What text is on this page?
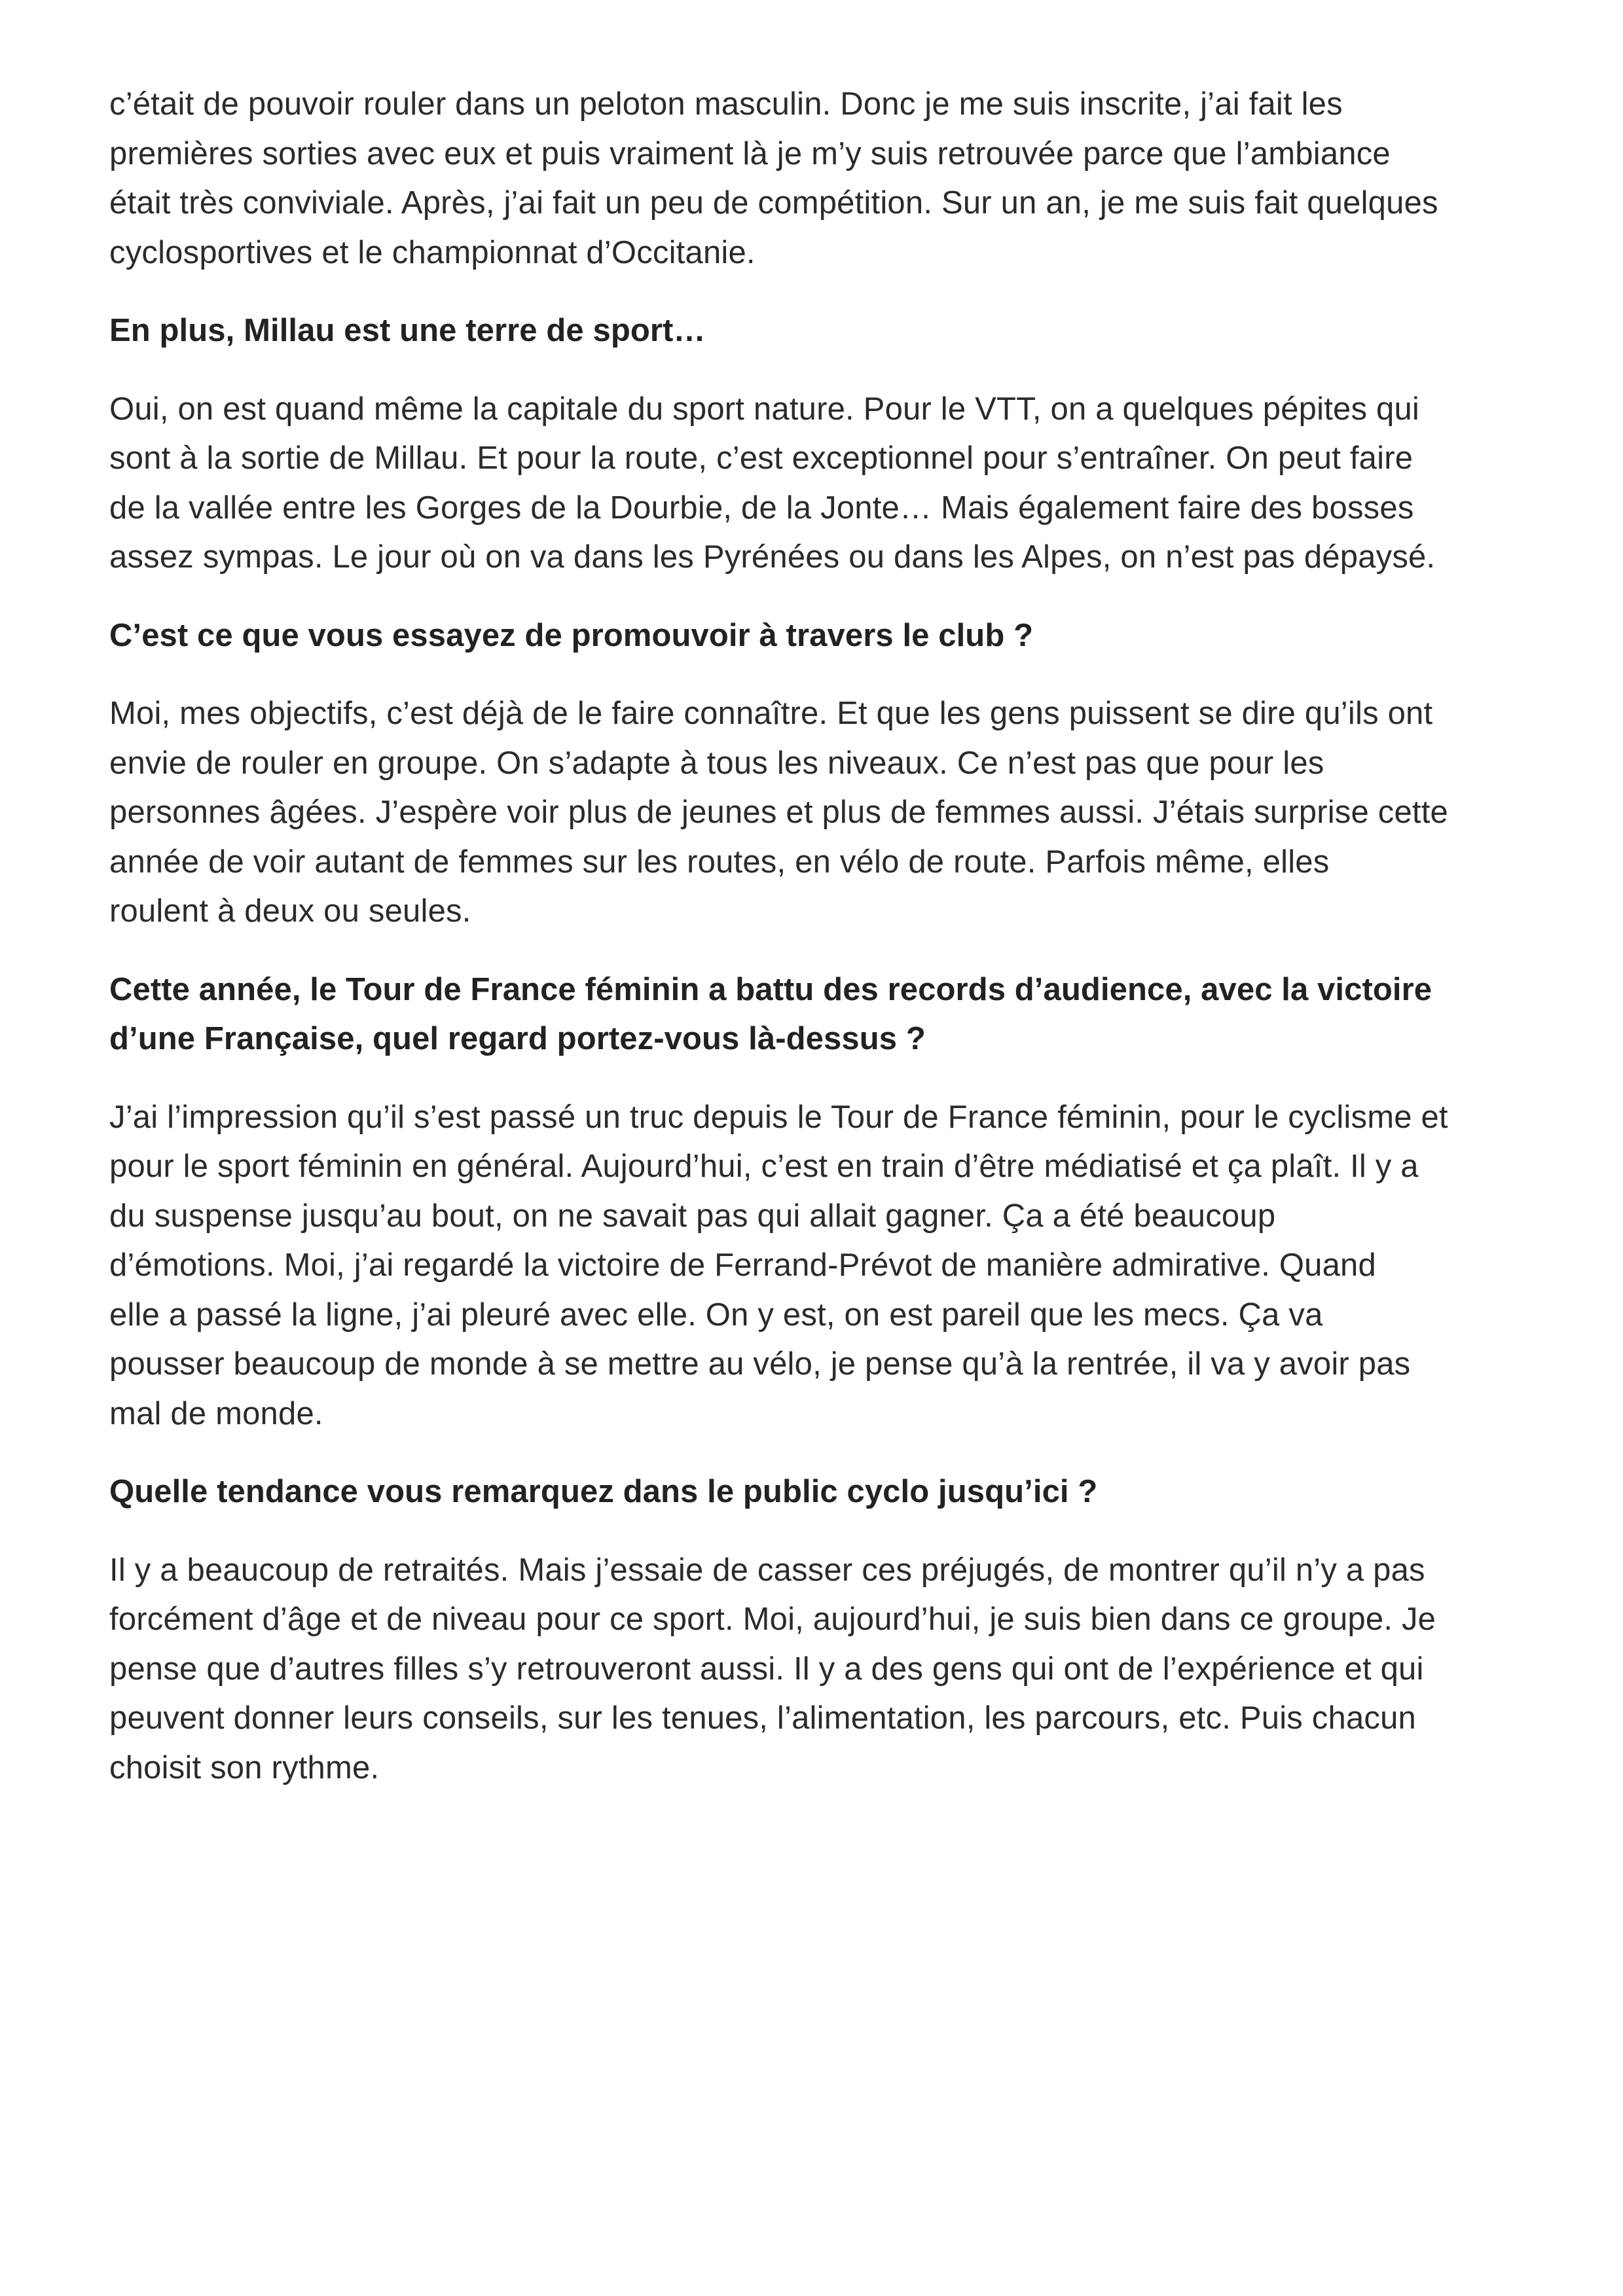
c’était de pouvoir rouler dans un peloton masculin. Donc je me suis inscrite, j’ai fait les
premières sorties avec eux et puis vraiment là je m’y suis retrouvée parce que l’ambiance
était très conviviale. Après, j’ai fait un peu de compétition. Sur un an, je me suis fait quelques
cyclosportives et le championnat d’Occitanie.

En plus, Millau est une terre de sport…

Oui, on est quand même la capitale du sport nature. Pour le VTT, on a quelques pépites qui
sont à la sortie de Millau. Et pour la route, c’est exceptionnel pour s’entraîner. On peut faire
de la vallée entre les Gorges de la Dourbie, de la Jonte… Mais également faire des bosses
assez sympas. Le jour où on va dans les Pyrénées ou dans les Alpes, on n’est pas dépaysé.

C’est ce que vous essayez de promouvoir à travers le club ?

Moi, mes objectifs, c’est déjà de le faire connaître. Et que les gens puissent se dire qu’ils ont
envie de rouler en groupe. On s’adapte à tous les niveaux. Ce n’est pas que pour les
personnes âgées. J’espère voir plus de jeunes et plus de femmes aussi. J’étais surprise cette
année de voir autant de femmes sur les routes, en vélo de route. Parfois même, elles
roulent à deux ou seules.

Cette année, le Tour de France féminin a battu des records d’audience, avec la victoire
d’une Française, quel regard portez-vous là-dessus ?

J’ai l’impression qu’il s’est passé un truc depuis le Tour de France féminin, pour le cyclisme et
pour le sport féminin en général. Aujourd’hui, c’est en train d’être médiatisé et ça plaît. Il y a
du suspense jusqu’au bout, on ne savait pas qui allait gagner. Ça a été beaucoup
d’émotions. Moi, j’ai regardé la victoire de Ferrand-Prévot de manière admirative. Quand
elle a passé la ligne, j’ai pleuré avec elle. On y est, on est pareil que les mecs. Ça va
pousser beaucoup de monde à se mettre au vélo, je pense qu’à la rentrée, il va y avoir pas
mal de monde.

Quelle tendance vous remarquez dans le public cyclo jusqu’ici ?

Il y a beaucoup de retraités. Mais j’essaie de casser ces préjugés, de montrer qu’il n’y a pas
forcément d’âge et de niveau pour ce sport. Moi, aujourd’hui, je suis bien dans ce groupe. Je
pense que d’autres filles s’y retrouveront aussi. Il y a des gens qui ont de l’expérience et qui
peuvent donner leurs conseils, sur les tenues, l’alimentation, les parcours, etc. Puis chacun
choisit son rythme.
